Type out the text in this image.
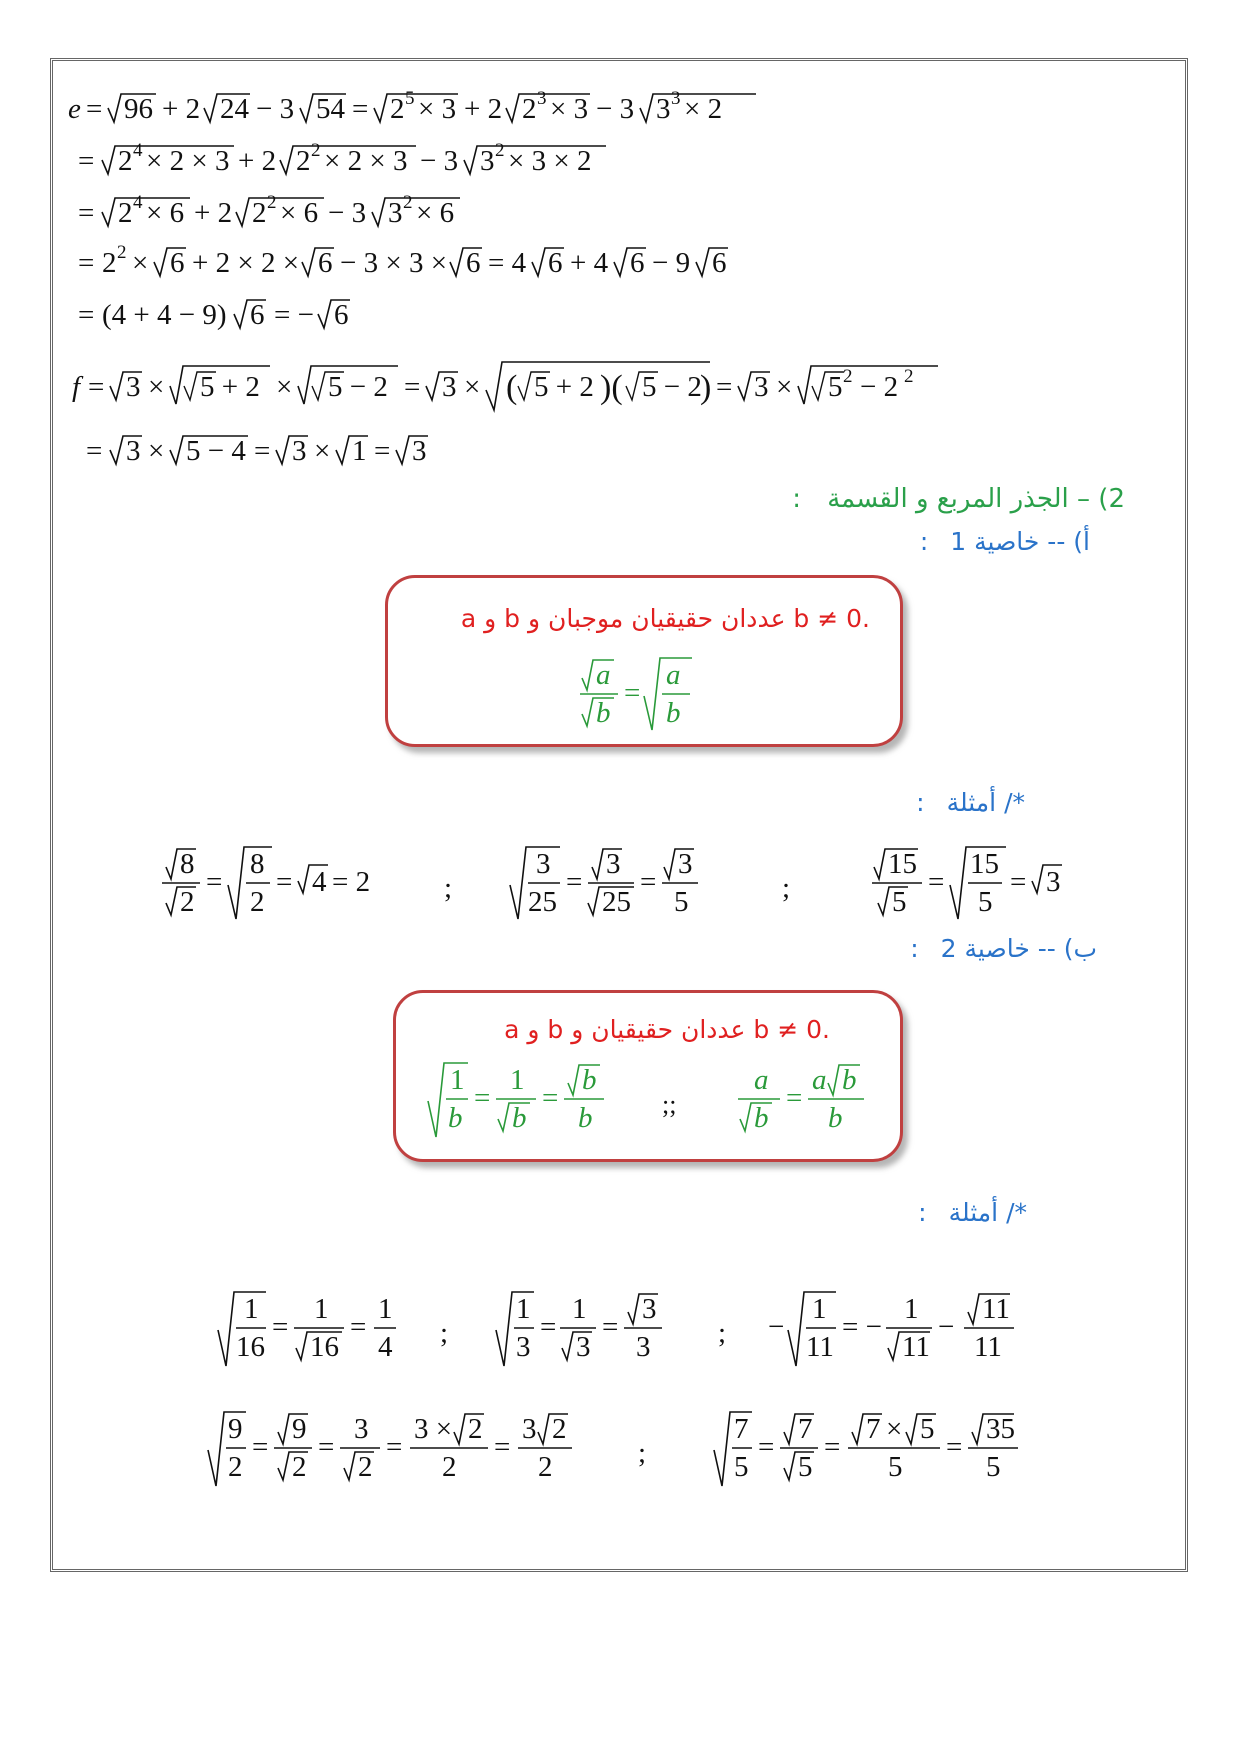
e = 96 + 2 24 − 3 54 = 2 5 × 3 + 2 2 3 × 3 − 3 3 3 × 2
= 2 4 × 2 × 3 + 2 2 2 × 2 × 3 − 3 3 2 × 3 × 2
= 2 4 × 6 + 2 2 2 × 6 − 3 3 2 × 6
= 2 2 × 6 + 2 × 2 × 6 − 3 × 3 × 6 = 4 6 + 4 6 − 9 6
= (4 + 4 − 9) 6 = − 6
f = 3 × 5 + 2 × 5 − 2 = 3 × ( 5 + 2 )( 5 − 2
) = 3 × 5 2 − 2 2
= 3 × 5 − 4 = 3 × 1 = 3
2) – الجذر المربع و القسمة :
أ) -- خاصية 1 :
a و b عددان حقيقيان موجبان و b ≠ 0.
a
b
=
a
b
*/ أمثلة :
8
2
=
8
2
= 4 = 2	;
3
25
=
3
25
=
3
5	;
15
5
=
15
5
= 3
ب) -- خاصية 2 :
a و b عددان حقيقيان و b ≠ 0.
1
b
=
1
b
=
b
b	;;
a
b
=
a b
b
*/ أمثلة :
1
16
=
1
16
=
1
4 ;
1
3
=
1
3
=
3
3 ; −
1
11
= −
1
11
−
11
11
9
2
=
9
2
=
3
2
=
3 × 2
2
=
3 2
2	;
7
5
=
7
5
=
7 × 5
5
=
35
5
